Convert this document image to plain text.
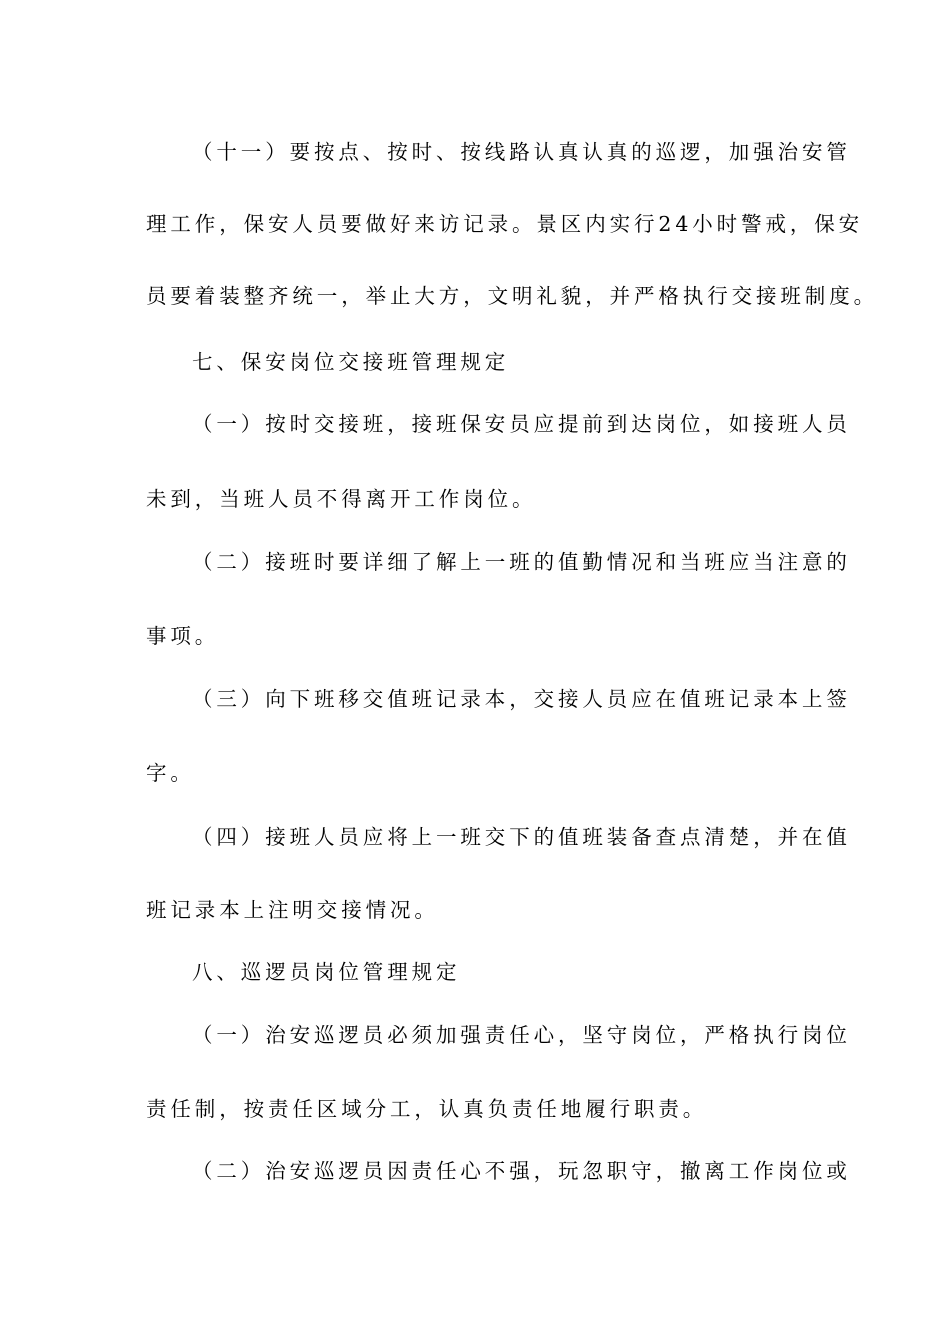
（十一）要按点、按时、按线路认真认真的巡逻，加强治安管
理工作，保安人员要做好来访记录。景区内实行24小时警戒，保安
员要着装整齐统一，举止大方，文明礼貌，并严格执行交接班制度。
七、保安岗位交接班管理规定
（一）按时交接班，接班保安员应提前到达岗位，如接班人员
未到，当班人员不得离开工作岗位。
（二）接班时要详细了解上一班的值勤情况和当班应当注意的
事项。
（三）向下班移交值班记录本，交接人员应在值班记录本上签
字。
（四）接班人员应将上一班交下的值班装备查点清楚，并在值
班记录本上注明交接情况。
八、巡逻员岗位管理规定
（一）治安巡逻员必须加强责任心，坚守岗位，严格执行岗位
责任制，按责任区域分工，认真负责任地履行职责。
（二）治安巡逻员因责任心不强，玩忽职守，撤离工作岗位或
